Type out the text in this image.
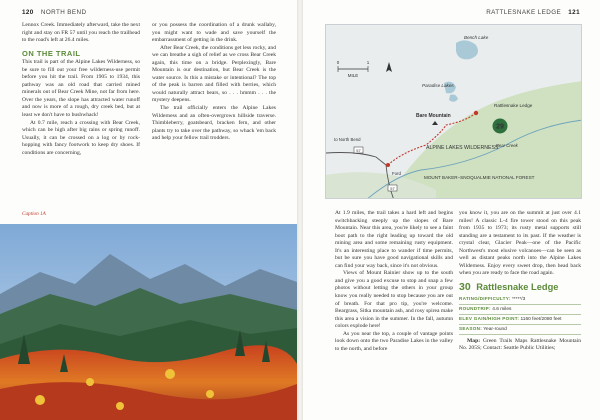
120 NORTH BEND

Lennox Creek. Immediately afterward, take the next right and stay on FR 57 until you reach the trailhead to the road's left at 26.4 miles.

ON THE TRAIL

This trail is part of the Alpine Lakes Wilderness, so be sure to fill out your free wilderness-use permit before you hit the trail. From 1905 to 1934, this pathway was an old road that carried mined minerals out of Bear Creek Mine, not far from here. Over the years, the slope has attracted water runoff and now is more of a rough, dry creek bed, but at least we don't have to bushwhack!

At 0.7 mile, reach a crossing with Bear Creek, which can be high after big rains or spring runoff. Usually, it can be crossed on a log or by rock-hopping with fancy footwork to keep dry shoes. If conditions are concerning,

or you possess the coordination of a drunk wallaby, you might want to wade and save yourself the embarrassment of getting in the drink.

After Bear Creek, the conditions get less rocky, and we can breathe a sigh of relief as we cross Bear Creek again, this time on a bridge. Perplexingly, Bare Mountain is our destination, but Bear Creek is the water source. Is this a mistake or intentional? The top of the peak is barren and filled with berries, which would naturally attract bears, so . . . hmmm . . . the mystery deepens.

The trail officially enters the Alpine Lakes Wilderness and an often-overgrown hillside traverse. Thimbleberry, goatsbeard, bracken fern, and other plants try to take over the pathway, so whack 'em back and help your fellow trail trodders.

Caption 1A
RATTLESNAKE LEDGE 121
29
0	1
MILE
Bench Lake
Paradise Lakes
Rattlesnake Ledge
Bare Mountain
ALPINE LAKES WILDERNESS
to North Bend
Ford
Bear Creek
MOUNT BAKER–SNOQUALMIE NATIONAL FOREST
57
57

At 1.9 miles, the trail takes a hard left and begins switchbacking steeply up the slopes of Bare Mountain. Near this area, you're likely to see a faint boot path to the right leading up toward the old mining area and some remaining rusty equipment. It's an interesting place to wander if time permits, but be sure you have good navigational skills and can find your way back, since it's not obvious.

Views of Mount Rainier show up to the south and give you a good excuse to stop and snap a few photos without letting the others in your group know you really needed to stop because you are out of breath. For that pro tip, you're welcome. Beargrass, Sitka mountain ash, and rosy spirea make this area a vision in the summer. In the fall, autumn colors explode here!

As you near the top, a couple of vantage points look down onto the two Paradise Lakes in the valley to the north, and before

you know it, you are on the summit at just over 4.1 miles! A classic L-4 fire tower stood on this peak from 1935 to 1973; its rusty metal supports still standing are a testament to its past. If the weather is crystal clear, Glacier Peak—one of the Pacific Northwest's most elusive volcanoes—can be seen as well as distant peaks north into the Alpine Lakes Wilderness. Enjoy every sweet drop, then head back when you are ready to face the road again.

30 Rattlesnake Ledge
RATING/DIFFICULTY: *****/3
ROUNDTRIP: 4.6 miles
ELEV GAIN/HIGH POINT: 1160 feet/2080 feet
SEASON: Year-round

Map: Green Trails Maps Rattlesnake Mountain No. 205S; Contact: Seattle Public Utilities;
